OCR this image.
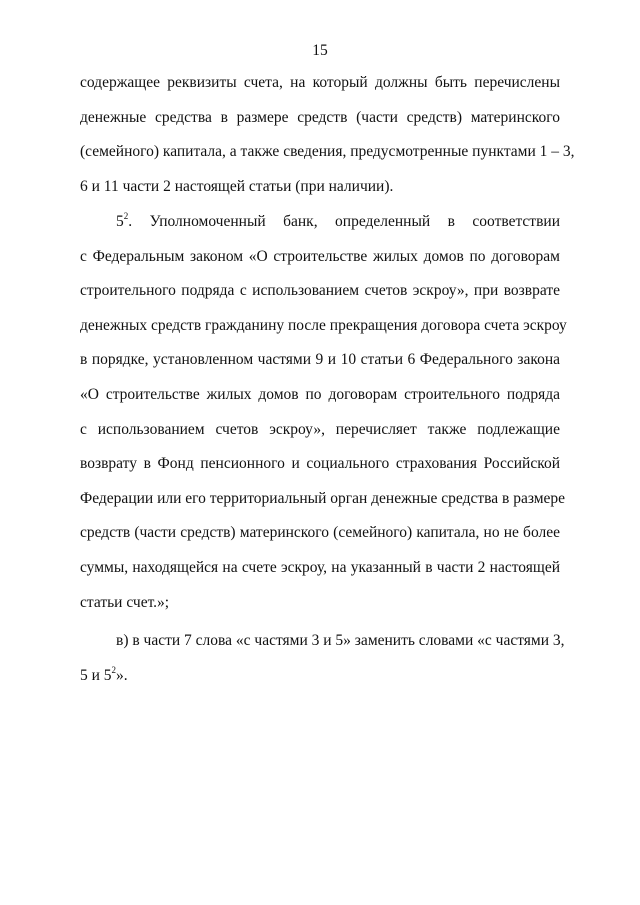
15
содержащее реквизиты счета, на который должны быть перечислены
денежные средства в размере средств (части средств) материнского
(семейного) капитала, а также сведения, предусмотренные пунктами 1 – 3,
6 и 11 части 2 настоящей статьи (при наличии).
$5^2$. Уполномоченный банк, определенный в соответствии
с Федеральным законом «О строительстве жилых домов по договорам
строительного подряда с использованием счетов эскроу», при возврате
денежных средств гражданину после прекращения договора счета эскроу
в порядке, установленном частями 9 и 10 статьи 6 Федерального закона
«О строительстве жилых домов по договорам строительного подряда
с использованием счетов эскроу», перечисляет также подлежащие
возврату в Фонд пенсионного и социального страхования Российской
Федерации или его территориальный орган денежные средства в размере
средств (части средств) материнского (семейного) капитала, но не более
суммы, находящейся на счете эскроу, на указанный в части 2 настоящей
статьи счет.»;
в) в части 7 слова «с частями 3 и 5» заменить словами «с частями 3,
5 и $5^2$».
